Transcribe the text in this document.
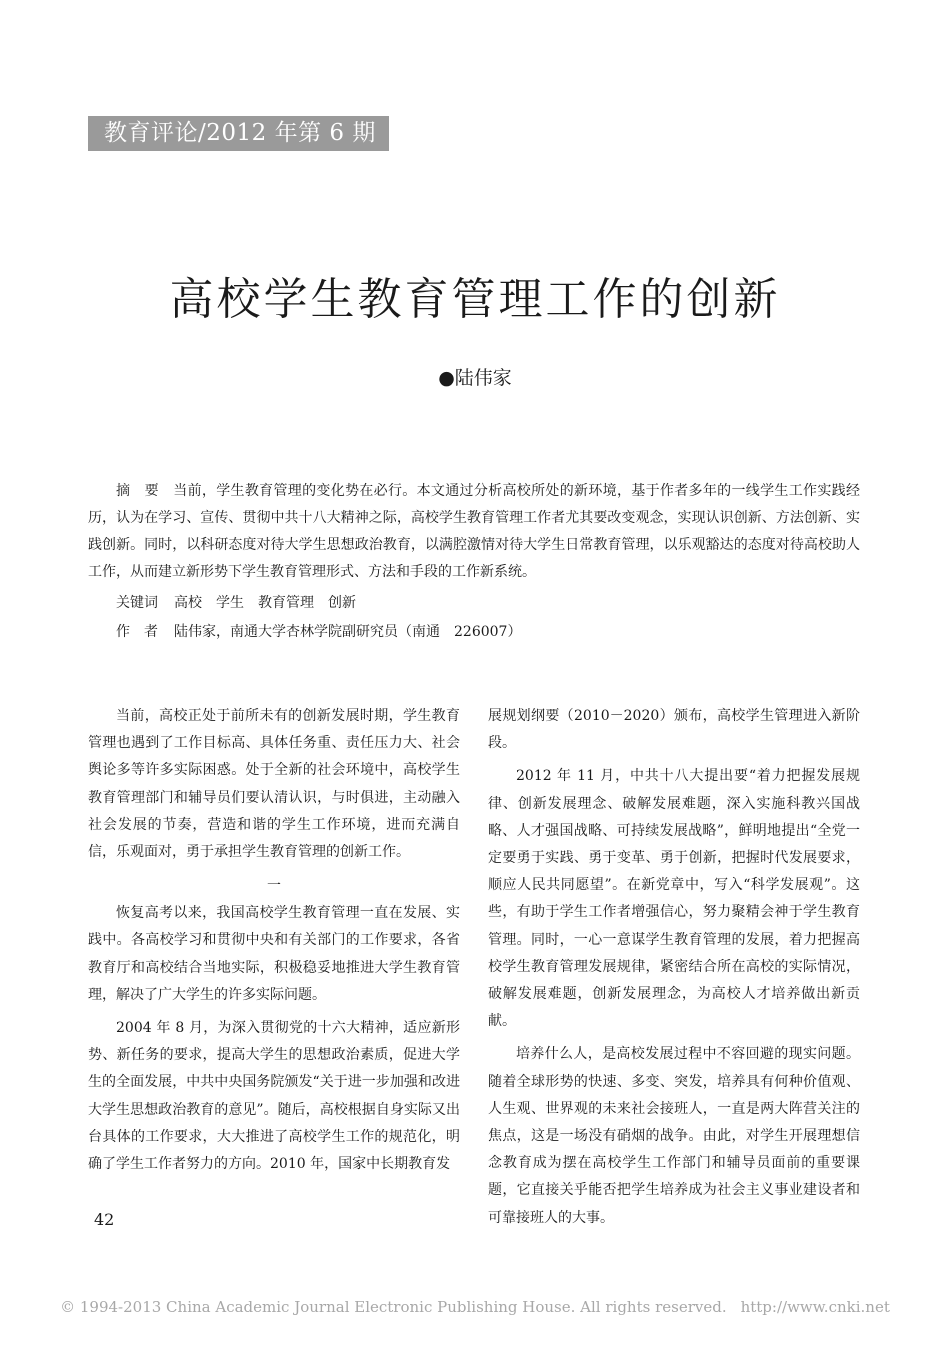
教育评论/2012 年第 6 期
高校学生教育管理工作的创新
●陆伟家

摘　要　当前，学生教育管理的变化势在必行。本文通过分析高校所处的新环境，基于作者多年的一线学生工作实践经历，认为在学习、宣传、贯彻中共十八大精神之际，高校学生教育管理工作者尤其要改变观念，实现认识创新、方法创新、实践创新。同时，以科研态度对待大学生思想政治教育，以满腔激情对待大学生日常教育管理，以乐观豁达的态度对待高校助人工作，从而建立新形势下学生教育管理形式、方法和手段的工作新系统。

关键词 高校　学生　教育管理　创新
作　者 陆伟家，南通大学杏林学院副研究员（南通　226007）

当前，高校正处于前所未有的创新发展时期，学生教育管理也遇到了工作目标高、具体任务重、责任压力大、社会舆论多等许多实际困惑。处于全新的社会环境中，高校学生教育管理部门和辅导员们要认清认识，与时俱进，主动融入社会发展的节奏，营造和谐的学生工作环境，进而充满自信，乐观面对，勇于承担学生教育管理的创新工作。

一

恢复高考以来，我国高校学生教育管理一直在发展、实践中。各高校学习和贯彻中央和有关部门的工作要求，各省教育厅和高校结合当地实际，积极稳妥地推进大学生教育管理，解决了广大学生的许多实际问题。

2004 年 8 月，为深入贯彻党的十六大精神，适应新形势、新任务的要求，提高大学生的思想政治素质，促进大学生的全面发展，中共中央国务院颁发“关于进一步加强和改进大学生思想政治教育的意见”。随后，高校根据自身实际又出台具体的工作要求，大大推进了高校学生工作的规范化，明确了学生工作者努力的方向。2010 年，国家中长期教育发

展规划纲要（2010－2020）颁布，高校学生管理进入新阶段。

2012 年 11 月，中共十八大提出要“着力把握发展规律、创新发展理念、破解发展难题，深入实施科教兴国战略、人才强国战略、可持续发展战略”，鲜明地提出“全党一定要勇于实践、勇于变革、勇于创新，把握时代发展要求，顺应人民共同愿望”。在新党章中，写入“科学发展观”。这些，有助于学生工作者增强信心，努力聚精会神于学生教育管理。同时，一心一意谋学生教育管理的发展，着力把握高校学生教育管理发展规律，紧密结合所在高校的实际情况，破解发展难题，创新发展理念，为高校人才培养做出新贡献。

培养什么人，是高校发展过程中不容回避的现实问题。随着全球形势的快速、多变、突发，培养具有何种价值观、人生观、世界观的未来社会接班人，一直是两大阵营关注的焦点，这是一场没有硝烟的战争。由此，对学生开展理想信念教育成为摆在高校学生工作部门和辅导员面前的重要课题，它直接关乎能否把学生培养成为社会主义事业建设者和可靠接班人的大事。

42
© 1994-2013 China Academic Journal Electronic Publishing House. All rights reserved. http://www.cnki.net
